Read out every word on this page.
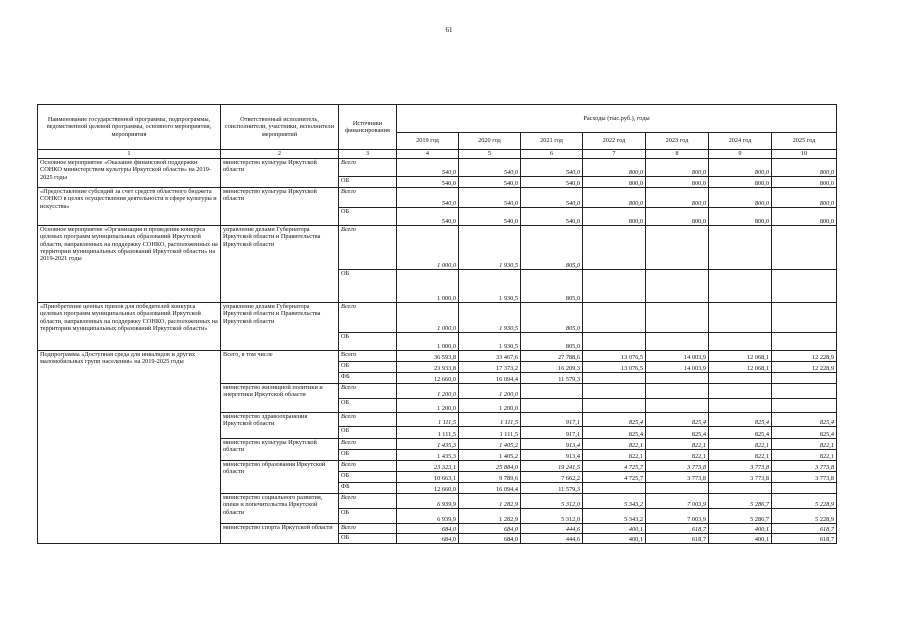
61
Наименование государственной программы, подпрограммы, ведомственной целевой программы, основного мероприятия, мероприятия	Ответственный исполнитель, соисполнители, участники, исполнители мероприятий	Источники финансирования	Расходы (тыс.руб.), годы						
			2019 год	2020 год	2021 год	2022 год	2023 год	2024 год	2025 год
1	2	3	4	5	6	7	8	9	10
Основное мероприятие «Оказание финансовой поддержки СОНКО министерством культуры Иркутской области» на 2019-2025 годы	министерство культуры Иркутской области	Всего	540,0	540,0	540,0	800,0	800,0	800,0	800,0
		ОБ	540,0	540,0	540,0	800,0	800,0	800,0	800,0
«Предоставление субсидий за счет средств областного бюджета СОНКО в целях осуществления деятельности в сфере культуры и искусства»	министерство культуры Иркутской области	Всего	540,0	540,0	540,0	800,0	800,0	800,0	800,0
		ОБ	540,0	540,0	540,0	800,0	800,0	800,0	800,0
Основное мероприятие «Организация и проведение конкурса целевых программ муниципальных образований Иркутской области, направленных на поддержку СОНКО, расположенных на территории муниципальных образований Иркутской области» на 2019-2021 годы	управление делами Губернатора Иркутской области и Правительства Иркутской области	Всего	1 000,0	1 930,5	805,0				
		ОБ	1 000,0	1 930,5	805,0				
«Приобретение ценных призов для победителей конкурса целевых программ муниципальных образований Иркутской области, направленных на поддержку СОНКО, расположенных на территории муниципальных образований Иркутской области»	управление делами Губернатора Иркутской области и Правительства Иркутской области	Всего	1 000,0	1 930,5	805,0				
		ОБ	1 000,0	1 930,5	805,0				
Подпрограмма «Доступная среда для инвалидов и других маломобильных групп населения» на 2019-2025 годы	Всего, в том числе	Всего	36 593,8	33 467,6	27 788,6	13 076,5	14 003,9	12 068,1	12 228,9
		ОБ	23 933,8	17 373,2	16 209,3	13 076,5	14 003,9	12 068,1	12 228,9
		ФБ	12 660,0	16 094,4	11 579,3				
	министерство жилищной политики и энергетики Иркутской области	Всего	1 200,0	1 200,0					
		ОБ	1 200,0	1 200,0					
	министерство здравоохранения Иркутской области	Всего	1 111,5	1 111,5	917,1	825,4	825,4	825,4	825,4
		ОБ	1 111,5	1 111,5	917,1	825,4	825,4	825,4	825,4
	министерство культуры Иркутской области	Всего	1 435,3	1 405,2	913,4	822,1	822,1	822,1	822,1
		ОБ	1 435,3	1 405,2	913,4	822,1	822,1	822,1	822,1
	министерство образования Иркутской области	Всего	23 323,1	25 884,0	19 241,5	4 725,7	3 773,8	3 773,8	3 773,8
		ОБ	10 663,1	9 789,6	7 662,2	4 725,7	3 773,8	3 773,8	3 773,8
		ФБ	12 660,0	16 094,4	11 579,3				
	министерство социального развития, опеки и попечительства Иркутской области	Всего	6 939,9	1 282,9	5 312,0	5 343,2	7 003,9	5 286,7	5 228,9
		ОБ	6 939,9	1 282,9	5 312,0	5 343,2	7 003,9	5 286,7	5 228,9
	министерство спорта Иркутской области	Всего	684,0	684,0	444,6	400,1	618,7	400,1	618,7
		ОБ	684,0	684,0	444,6	400,1	618,7	400,1	618,7
